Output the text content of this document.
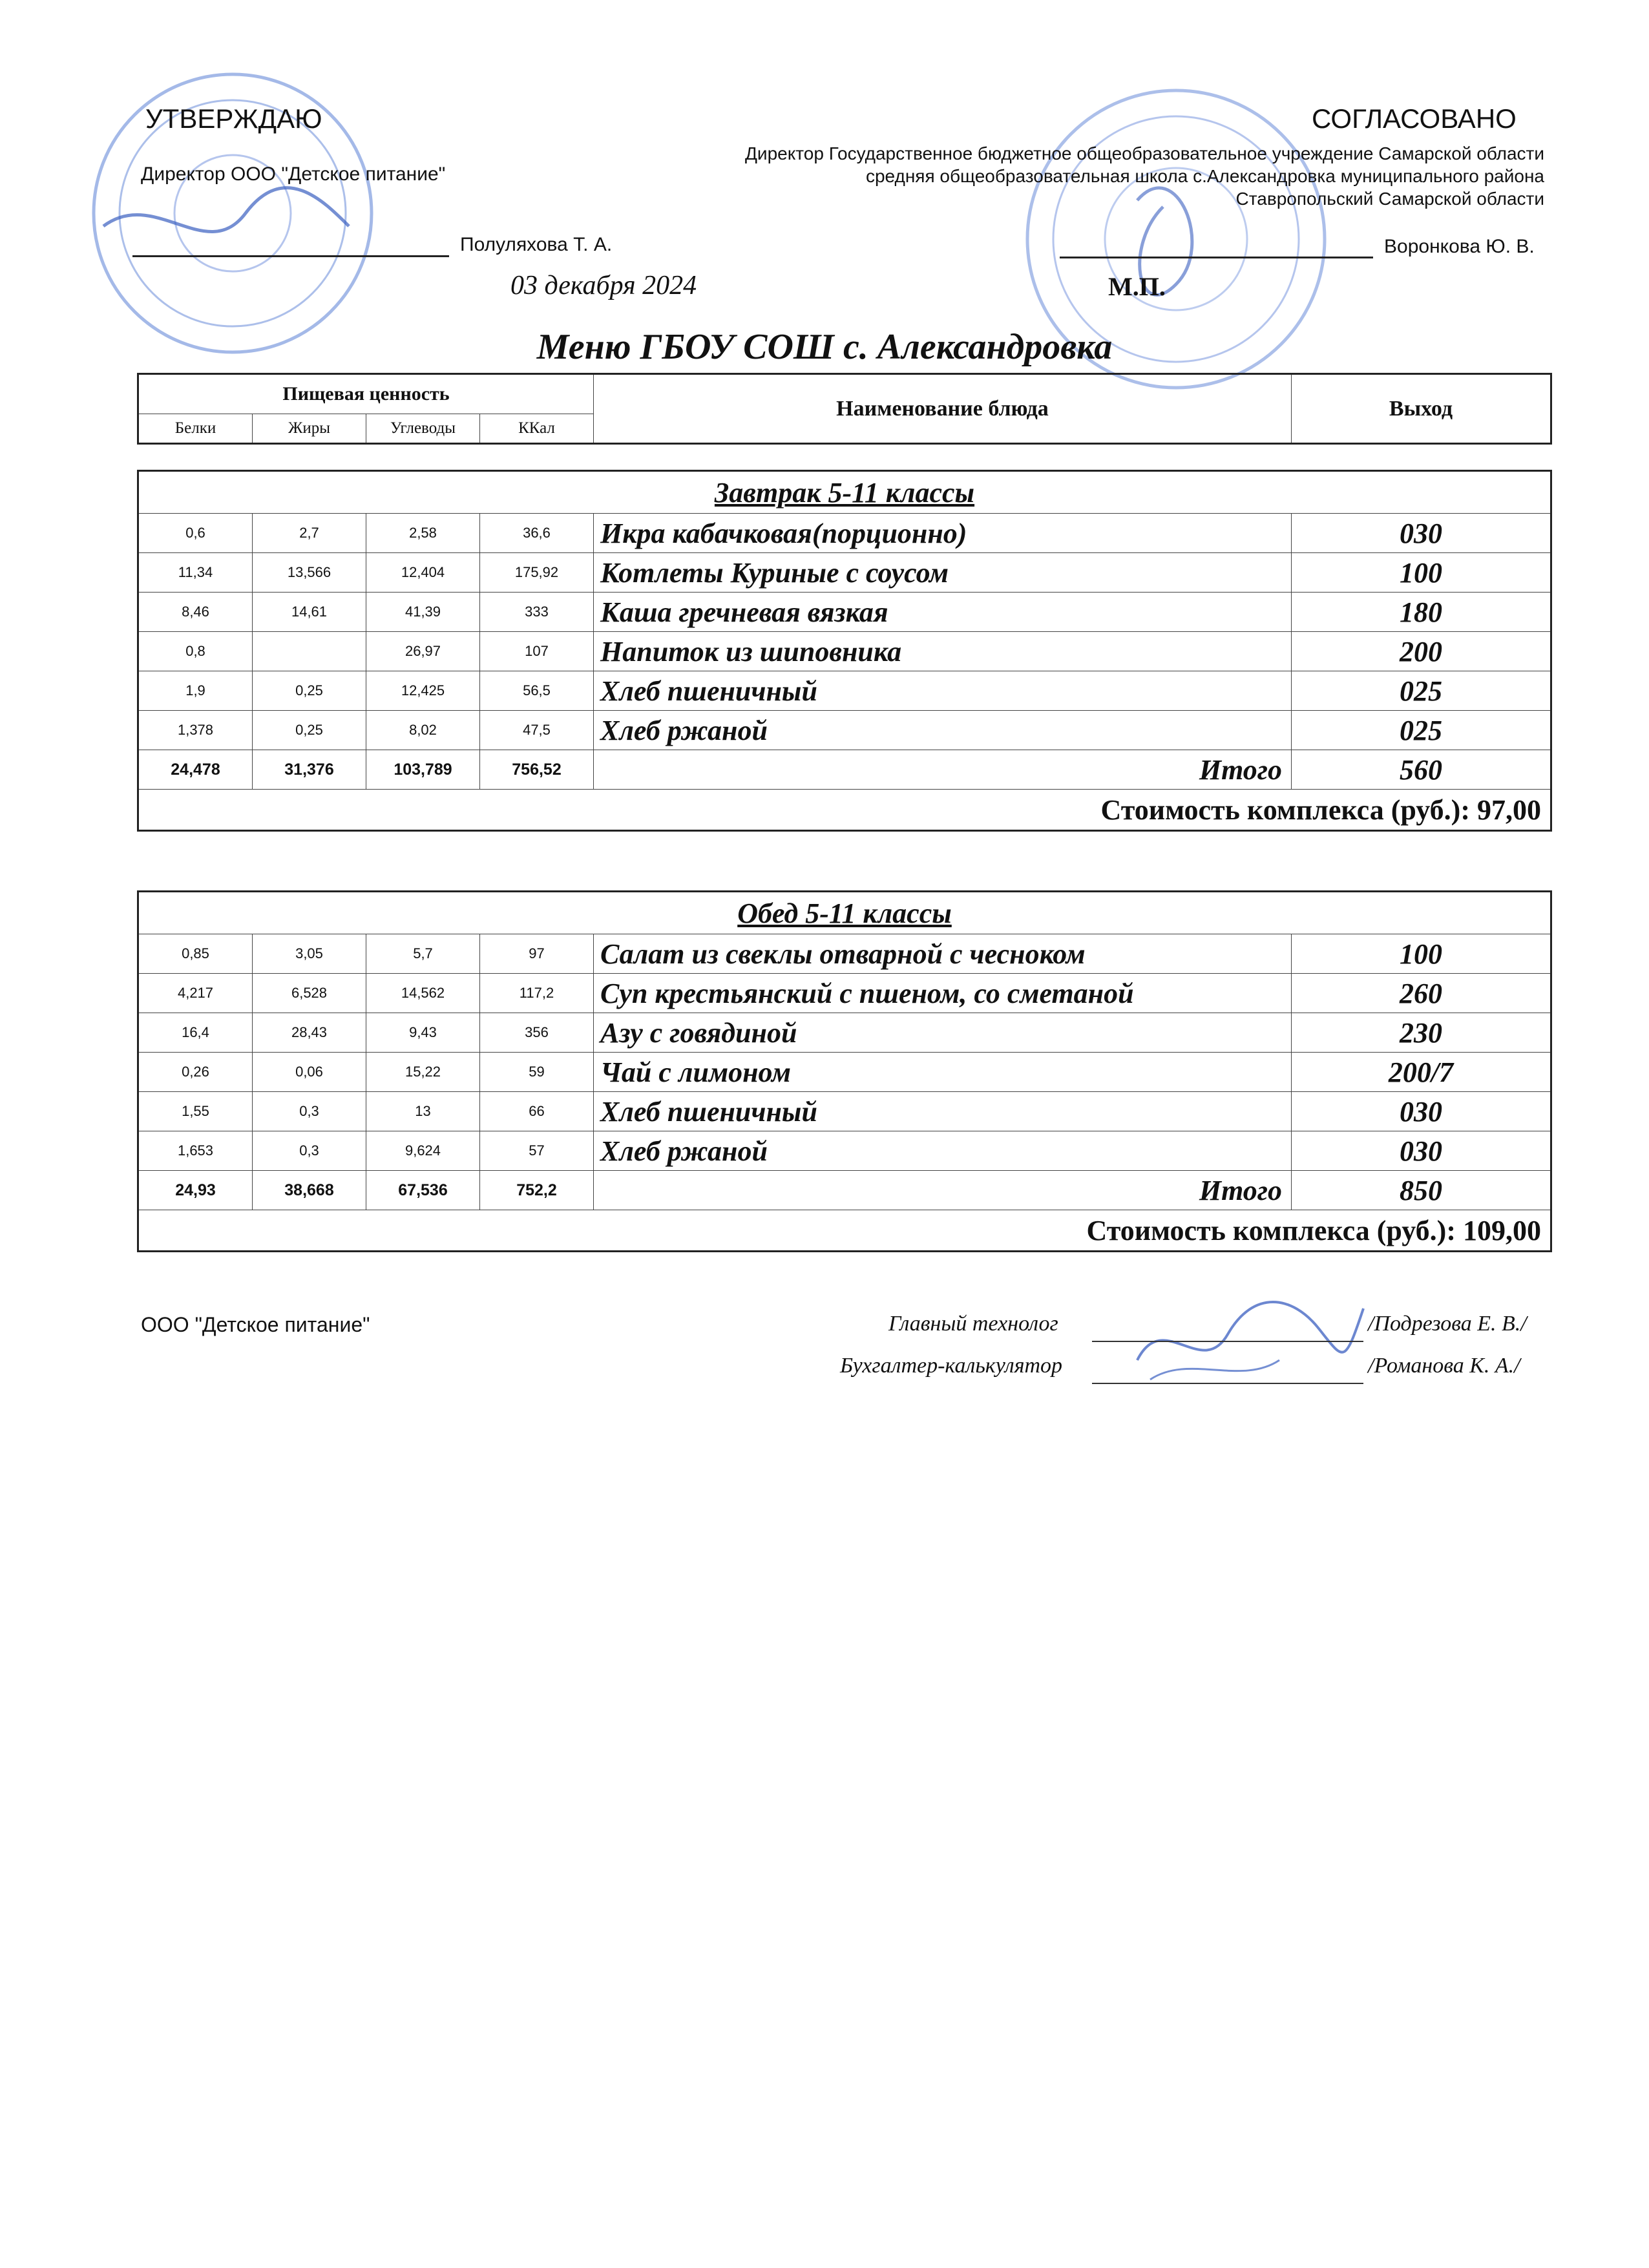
УТВЕРЖДАЮ
Директор ООО "Детское питание"
Полуляхова Т. А.
03 декабря 2024
СОГЛАСОВАНО
Директор Государственное бюджетное общеобразовательное учреждение Самарской области средняя общеобразовательная школа с.Александровка муниципального района Ставропольский Самарской области
Воронкова Ю. В.
М.П.
Меню ГБОУ СОШ с. Александровка
Пищевая ценность				Наименование блюда	Выход
Белки	Жиры	Углеводы	ККал		
Завтрак 5-11 классы					
0,6	2,7	2,58	36,6	Икра кабачковая(порционно)	030
11,34	13,566	12,404	175,92	Котлеты Куриные с соусом	100
8,46	14,61	41,39	333	Каша гречневая вязкая	180
0,8		26,97	107	Напиток из шиповника	200
1,9	0,25	12,425	56,5	Хлеб пшеничный	025
1,378	0,25	8,02	47,5	Хлеб ржаной	025
24,478	31,376	103,789	756,52	Итого	560
Стоимость комплекса (руб.): 97,00					
Обед 5-11 классы					
0,85	3,05	5,7	97	Салат из свеклы отварной с чесноком	100
4,217	6,528	14,562	117,2	Суп крестьянский с пшеном, со сметаной	260
16,4	28,43	9,43	356	Азу с говядиной	230
0,26	0,06	15,22	59	Чай с лимоном	200/7
1,55	0,3	13	66	Хлеб пшеничный	030
1,653	0,3	9,624	57	Хлеб ржаной	030
24,93	38,668	67,536	752,2	Итого	850
Стоимость комплекса (руб.): 109,00					
ООО "Детское питание"	Главный технолог	/Подрезова Е. В./
Бухгалтер-калькулятор	/Романова К. А./
